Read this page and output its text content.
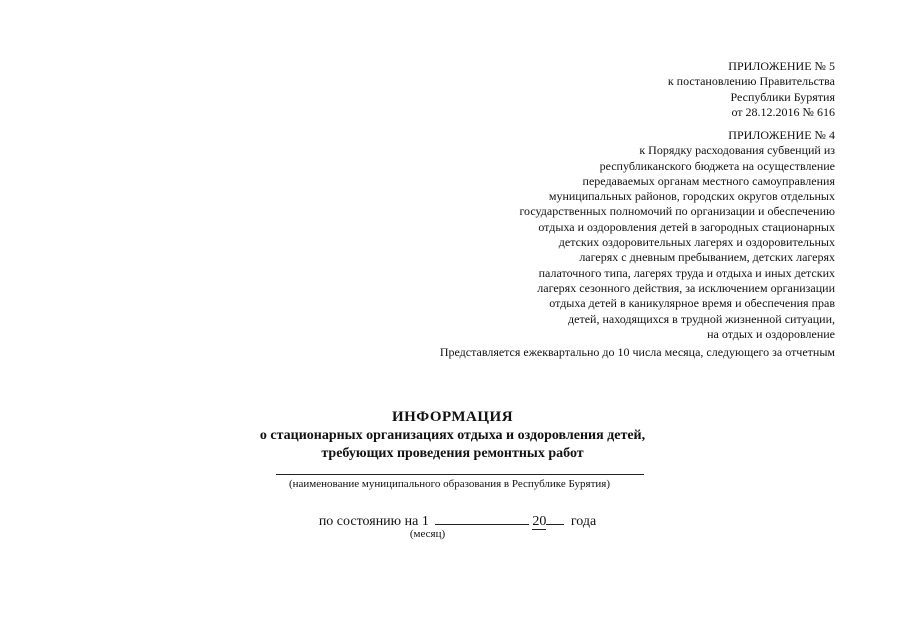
ПРИЛОЖЕНИЕ № 5
к постановлению Правительства
Республики Бурятия
от 28.12.2016 № 616
ПРИЛОЖЕНИЕ № 4
к Порядку расходования субвенций из
республиканского бюджета на осуществление
передаваемых органам местного самоуправления
муниципальных районов, городских округов отдельных
государственных полномочий по организации и обеспечению
отдыха и оздоровления детей в загородных стационарных
детских оздоровительных лагерях и оздоровительных
лагерях с дневным пребыванием, детских лагерях
палаточного типа, лагерях труда и отдыха и иных детских
лагерях сезонного действия, за исключением организации
отдыха детей в каникулярное время и обеспечения прав
детей, находящихся в трудной жизненной ситуации,
на отдых и оздоровление
Представляется ежеквартально до 10 числа месяца, следующего за отчетным
ИНФОРМАЦИЯ
о стационарных организациях отдыха и оздоровления детей,
требующих проведения ремонтных работ
(наименование муниципального образования в Республике Бурятия)
по состоянию на 1	20 года
(месяц)
